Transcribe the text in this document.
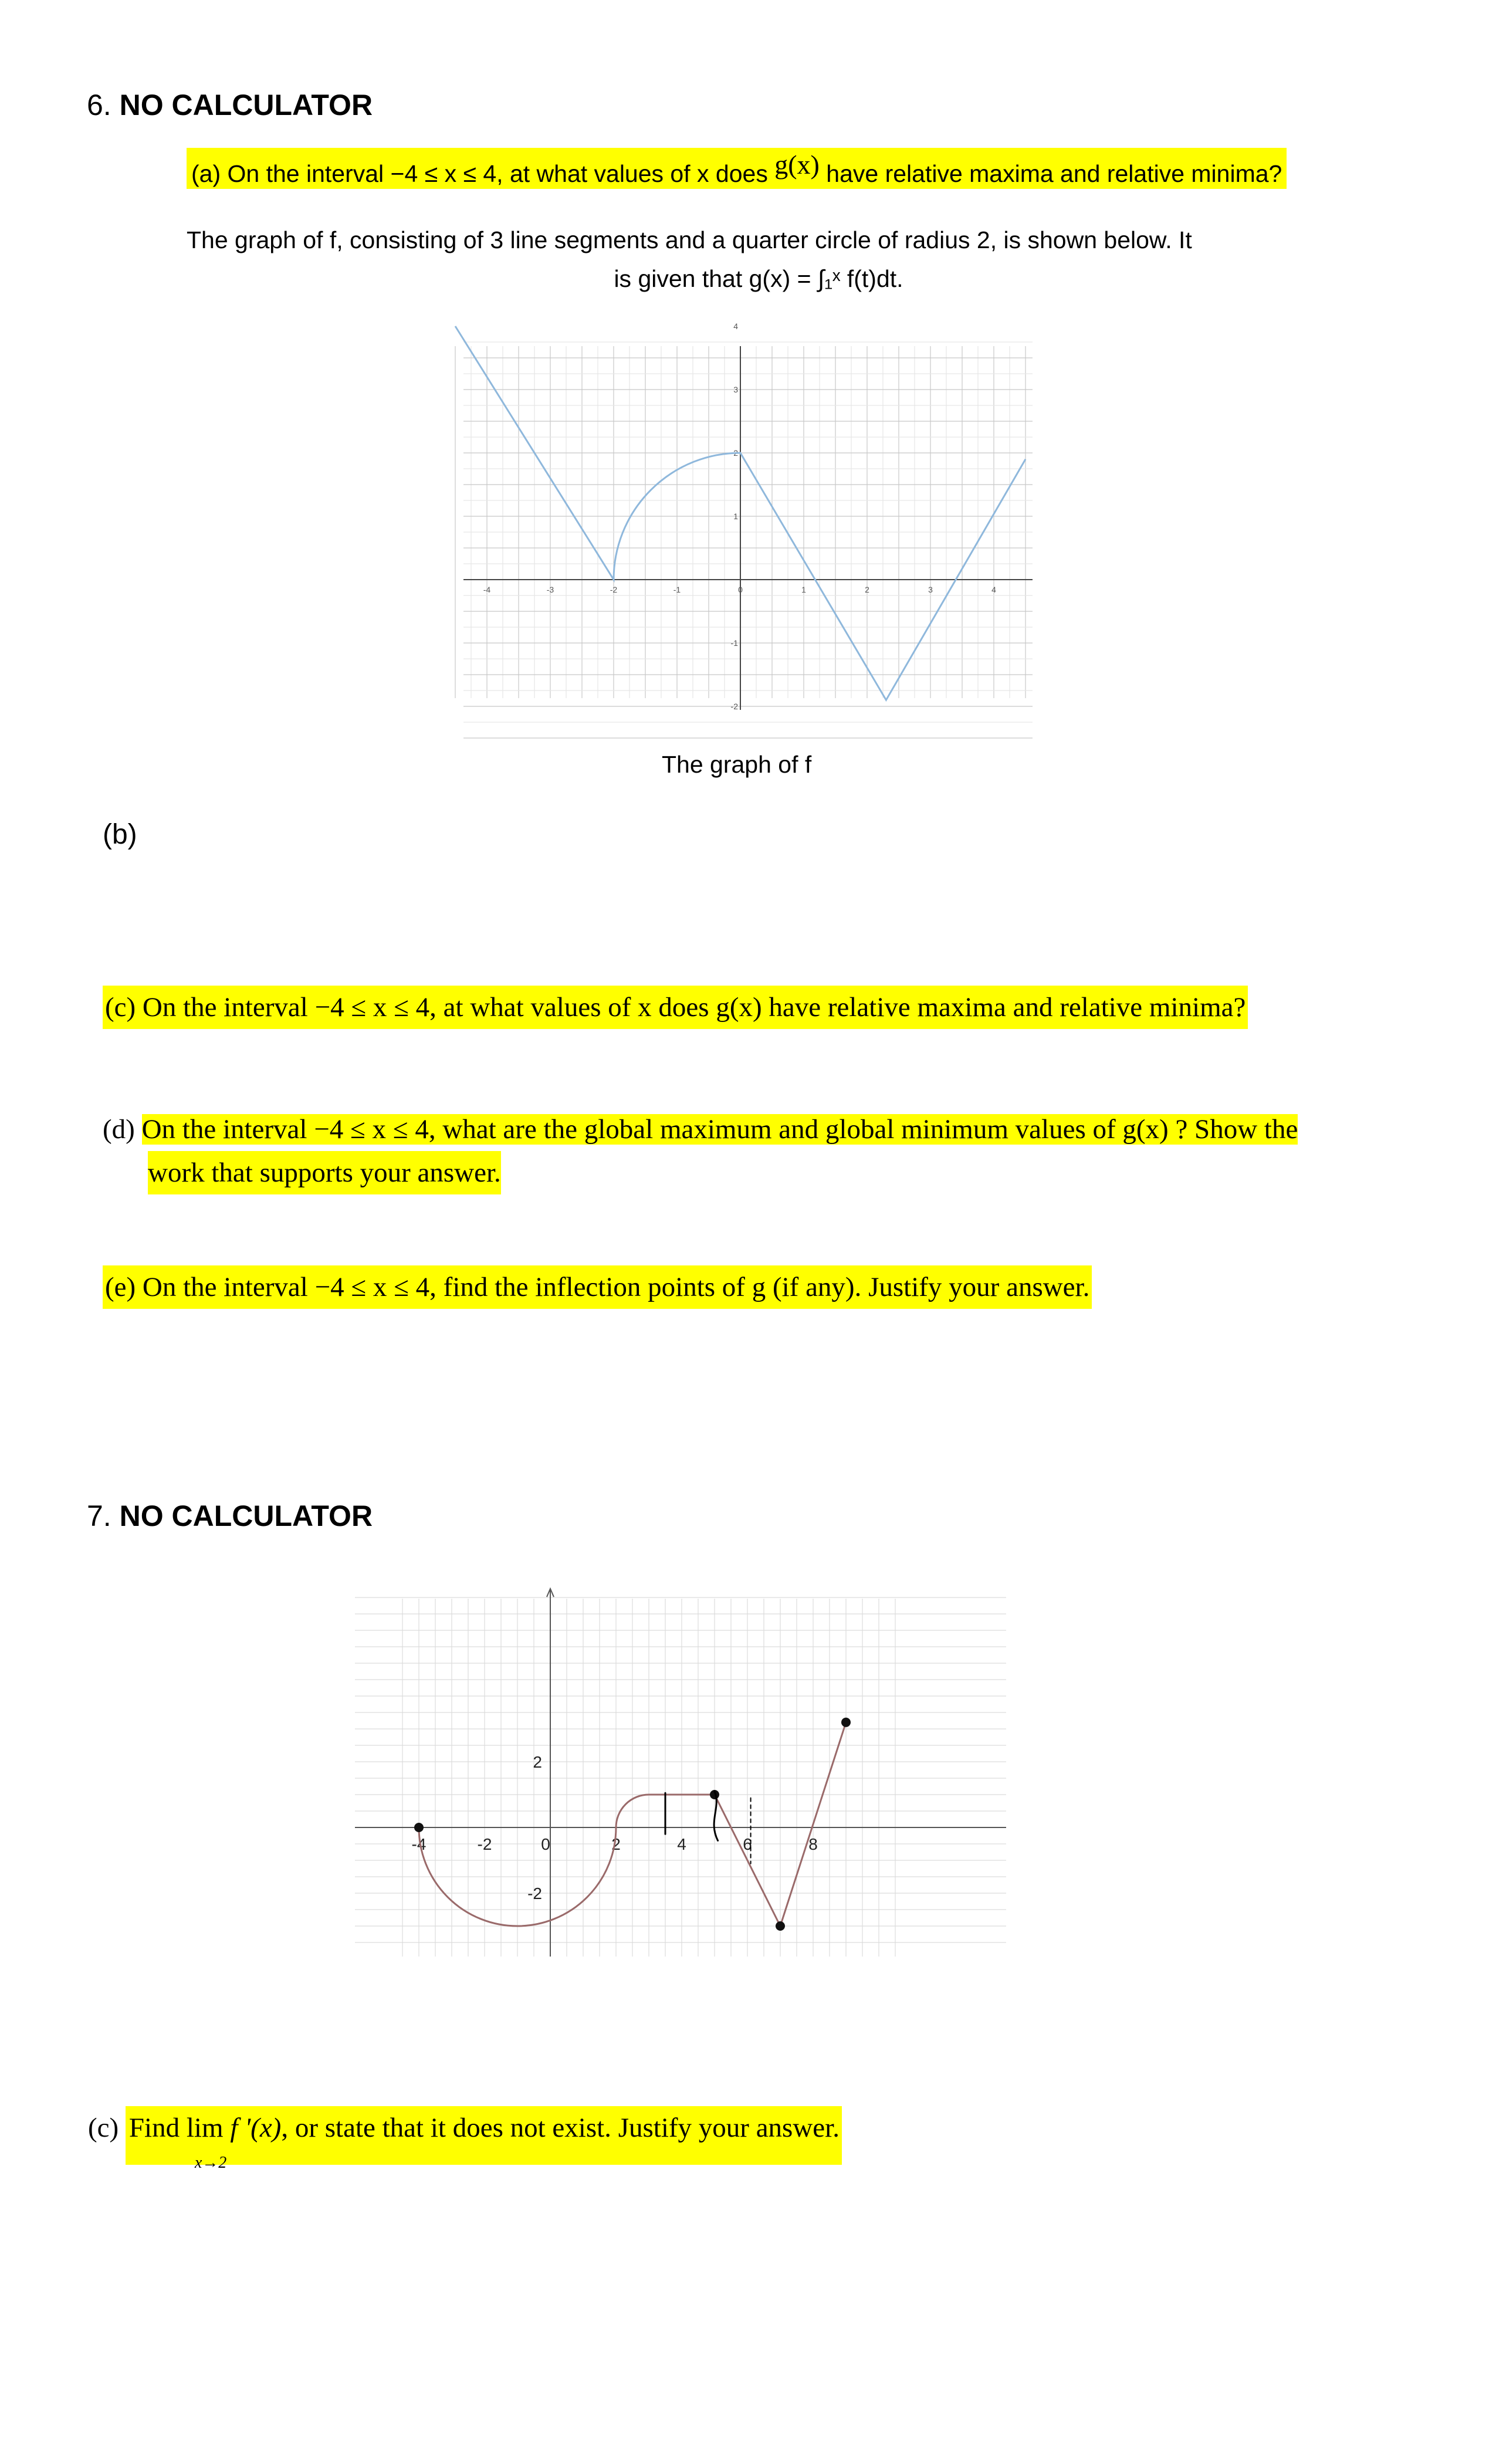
6. NO CALCULATOR
(a) On the interval −4 ≤ x ≤ 4, at what values of x does g(x) have relative maxima and relative minima?
The graph of f, consisting of 3 line segments and a quarter circle of radius 2, is shown below. It
is given that g(x) = ∫₁ˣ f(t)dt.
-4	-3	-2	-1	0	1	2	3	4
4
3
2
1
-1
-2
The graph of f
(b)
(c) On the interval −4 ≤ x ≤ 4, at what values of x does g(x) have relative maxima and relative minima?
(d) On the interval −4 ≤ x ≤ 4, what are the global maximum and global minimum values of g(x) ? Show the
work that supports your answer.
(e) On the interval −4 ≤ x ≤ 4, find the inflection points of g (if any). Justify your answer.
7. NO CALCULATOR
-4	-2	0	2	4	6	8
2
-2
(c) Find lim
x→2
f '(x), or state that it does not exist. Justify your answer.
